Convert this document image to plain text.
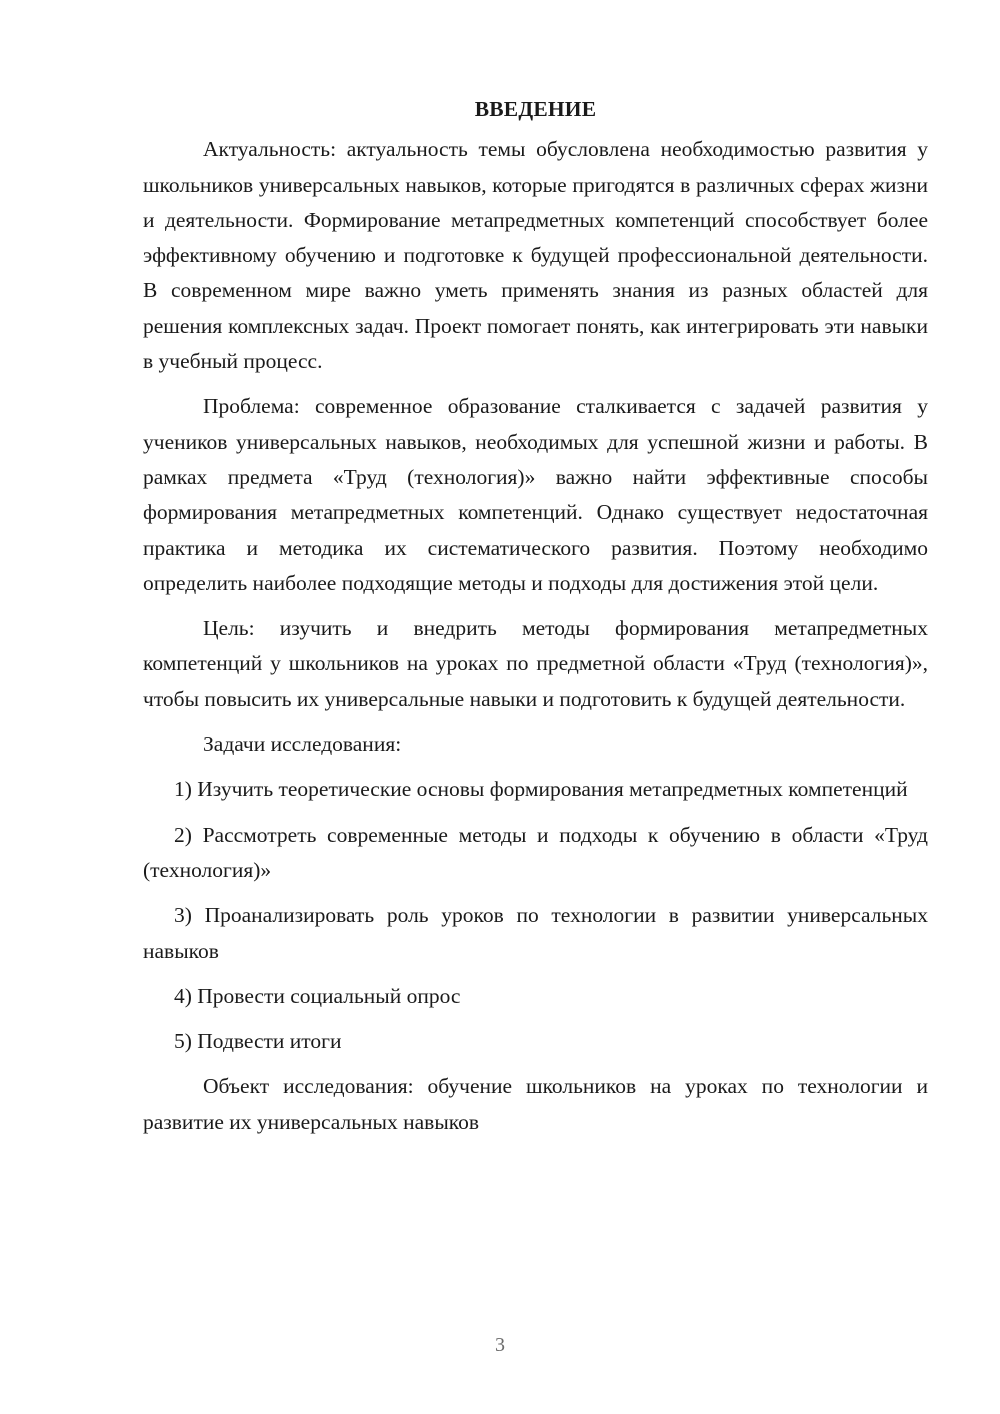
ВВЕДЕНИЕ

Актуальность: актуальность темы обусловлена необходимостью развития у школьников универсальных навыков, которые пригодятся в различных сферах жизни и деятельности. Формирование метапредметных компетенций способствует более эффективному обучению и подготовке к будущей профессиональной деятельности. В современном мире важно уметь применять знания из разных областей для решения комплексных задач. Проект помогает понять, как интегрировать эти навыки в учебный процесс.

Проблема: современное образование сталкивается с задачей развития у учеников универсальных навыков, необходимых для успешной жизни и работы. В рамках предмета «Труд (технология)» важно найти эффективные способы формирования метапредметных компетенций. Однако существует недостаточная практика и методика их систематического развития. Поэтому необходимо определить наиболее подходящие методы и подходы для достижения этой цели.

Цель: изучить и внедрить методы формирования метапредметных компетенций у школьников на уроках по предметной области «Труд (технология)», чтобы повысить их универсальные навыки и подготовить к будущей деятельности.

Задачи исследования:

1) Изучить теоретические основы формирования метапредметных компетенций

2) Рассмотреть современные методы и подходы к обучению в области «Труд (технология)»

3) Проанализировать роль уроков по технологии в развитии универсальных навыков

4) Провести социальный опрос

5) Подвести итоги

Объект исследования: обучение школьников на уроках по технологии и развитие их универсальных навыков

3
